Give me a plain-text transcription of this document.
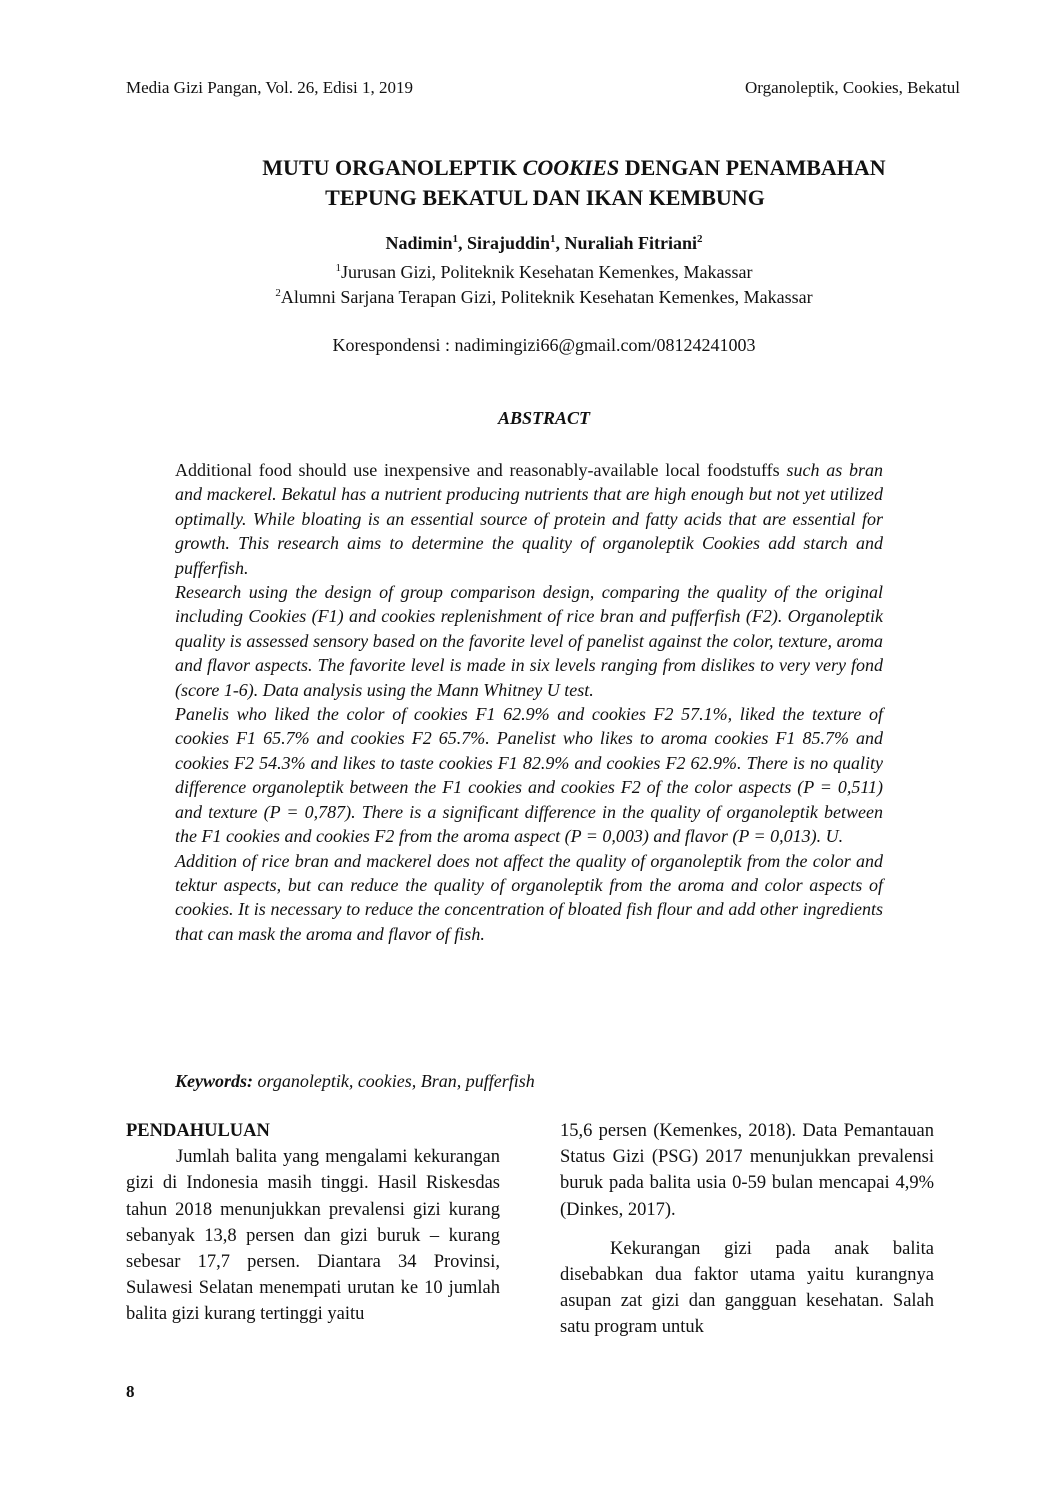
Media Gizi Pangan, Vol. 26, Edisi 1, 2019	Organoleptik, Cookies, Bekatul
MUTU ORGANOLEPTIK COOKIES DENGAN PENAMBAHAN
TEPUNG BEKATUL DAN IKAN KEMBUNG
Nadimin$^1$, Sirajuddin$^1$, Nuraliah Fitriani$^2$
$^1$Jurusan Gizi, Politeknik Kesehatan Kemenkes, Makassar
$^2$Alumni Sarjana Terapan Gizi, Politeknik Kesehatan Kemenkes, Makassar
Korespondensi : nadimingizi66@gmail.com/08124241003
ABSTRACT

Additional food should use inexpensive and reasonably-available local foodstuffs such as bran and mackerel. Bekatul has a nutrient producing nutrients that are high enough but not yet utilized optimally. While bloating is an essential source of protein and fatty acids that are essential for growth. This research aims to determine the quality of organoleptik Cookies add starch and pufferfish.

Research using the design of group comparison design, comparing the quality of the original including Cookies (F1) and cookies replenishment of rice bran and pufferfish (F2). Organoleptik quality is assessed sensory based on the favorite level of panelist against the color, texture, aroma and flavor aspects. The favorite level is made in six levels ranging from dislikes to very very fond (score 1-6). Data analysis using the Mann Whitney U test.

Panelis who liked the color of cookies F1 62.9% and cookies F2 57.1%, liked the texture of cookies F1 65.7% and cookies F2 65.7%. Panelist who likes to aroma cookies F1 85.7% and cookies F2 54.3% and likes to taste cookies F1 82.9% and cookies F2 62.9%. There is no quality difference organoleptik between the F1 cookies and cookies F2 of the color aspects (P = 0,511) and texture (P = 0,787). There is a significant difference in the quality of organoleptik between the F1 cookies and cookies F2 from the aroma aspect (P = 0,003) and flavor (P = 0,013). U.

Addition of rice bran and mackerel does not affect the quality of organoleptik from the color and tektur aspects, but can reduce the quality of organoleptik from the aroma and color aspects of cookies. It is necessary to reduce the concentration of bloated fish flour and add other ingredients that can mask the aroma and flavor of fish.

Keywords: organoleptik, cookies, Bran, pufferfish

PENDAHULUAN

Jumlah balita yang mengalami kekurangan gizi di Indonesia masih tinggi. Hasil Riskesdas tahun 2018 menunjukkan prevalensi gizi kurang sebanyak 13,8 persen dan gizi buruk – kurang sebesar 17,7 persen. Diantara 34 Provinsi, Sulawesi Selatan menempati urutan ke 10 jumlah balita gizi kurang tertinggi yaitu

15,6 persen (Kemenkes, 2018). Data Pemantauan Status Gizi (PSG) 2017 menunjukkan prevalensi buruk pada balita usia 0-59 bulan mencapai 4,9% (Dinkes, 2017).

Kekurangan gizi pada anak balita disebabkan dua faktor utama yaitu kurangnya asupan zat gizi dan gangguan kesehatan. Salah satu program untuk

8
